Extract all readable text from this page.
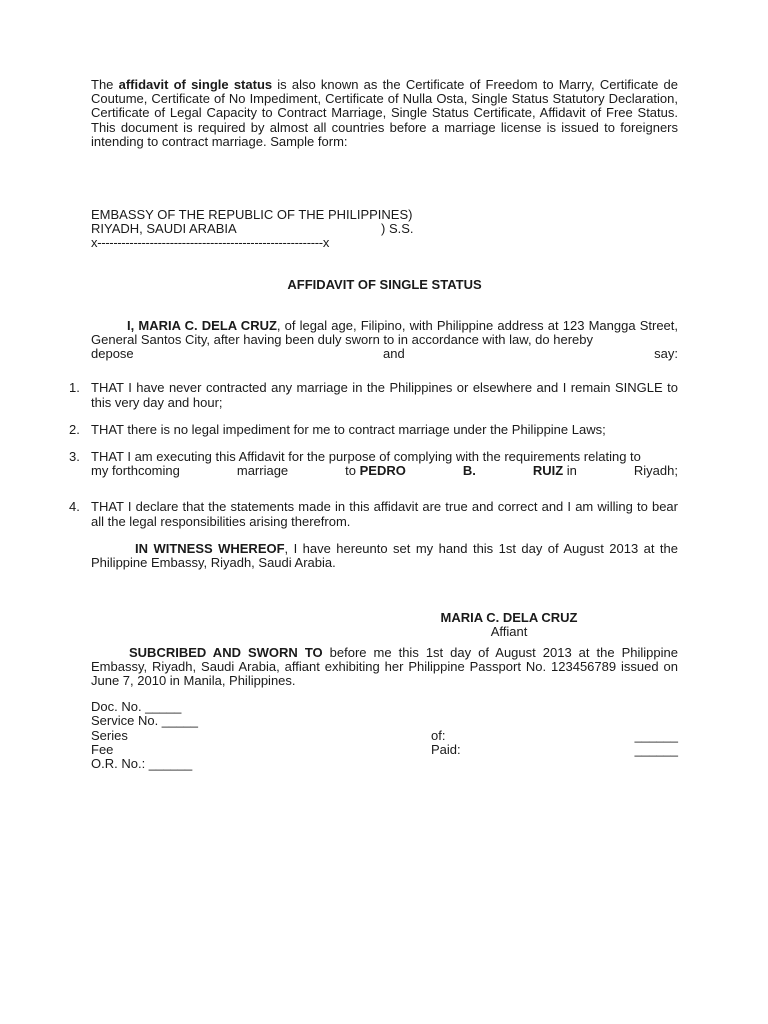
The affidavit of single status is also known as the Certificate of Freedom to Marry, Certificate de Coutume, Certificate of No Impediment, Certificate of Nulla Osta, Single Status Statutory Declaration, Certificate of Legal Capacity to Contract Marriage, Single Status Certificate, Affidavit of Free Status. This document is required by almost all countries before a marriage license is issued to foreigners intending to contract marriage. Sample form:

EMBASSY OF THE REPUBLIC OF THE PHILIPPINES)
RIYADH, SAUDI ARABIA	) S.S.
x--------------------------------------------------------x

AFFIDAVIT OF SINGLE STATUS

I, MARIA C. DELA CRUZ, of legal age, Filipino, with Philippine address at 123 Mangga Street, General Santos City, after having been duly sworn to in accordance with law, do hereby

depose	and	say:

1. THAT I have never contracted any marriage in the Philippines or elsewhere and I remain SINGLE to this very day and hour;

2. THAT there is no legal impediment for me to contract marriage under the Philippine Laws;

3. THAT I am executing this Affidavit for the purpose of complying with the requirements relating to

my forthcoming	marriage	to PEDRO	B.	RUIZ in	Riyadh;

4. THAT I declare that the statements made in this affidavit are true and correct and I am willing to bear all the legal responsibilities arising therefrom.

IN WITNESS WHEREOF, I have hereunto set my hand this 1st day of August 2013 at the Philippine Embassy, Riyadh, Saudi Arabia.

MARIA C. DELA CRUZ
Affiant

SUBCRIBED AND SWORN TO before me this 1st day of August 2013 at the Philippine Embassy, Riyadh, Saudi Arabia, affiant exhibiting her Philippine Passport No. 123456789 issued on June 7, 2010 in Manila, Philippines.

Doc. No. _____
Service No. _____
Series	of:	______
Fee	Paid:	______
O.R. No.: ______
